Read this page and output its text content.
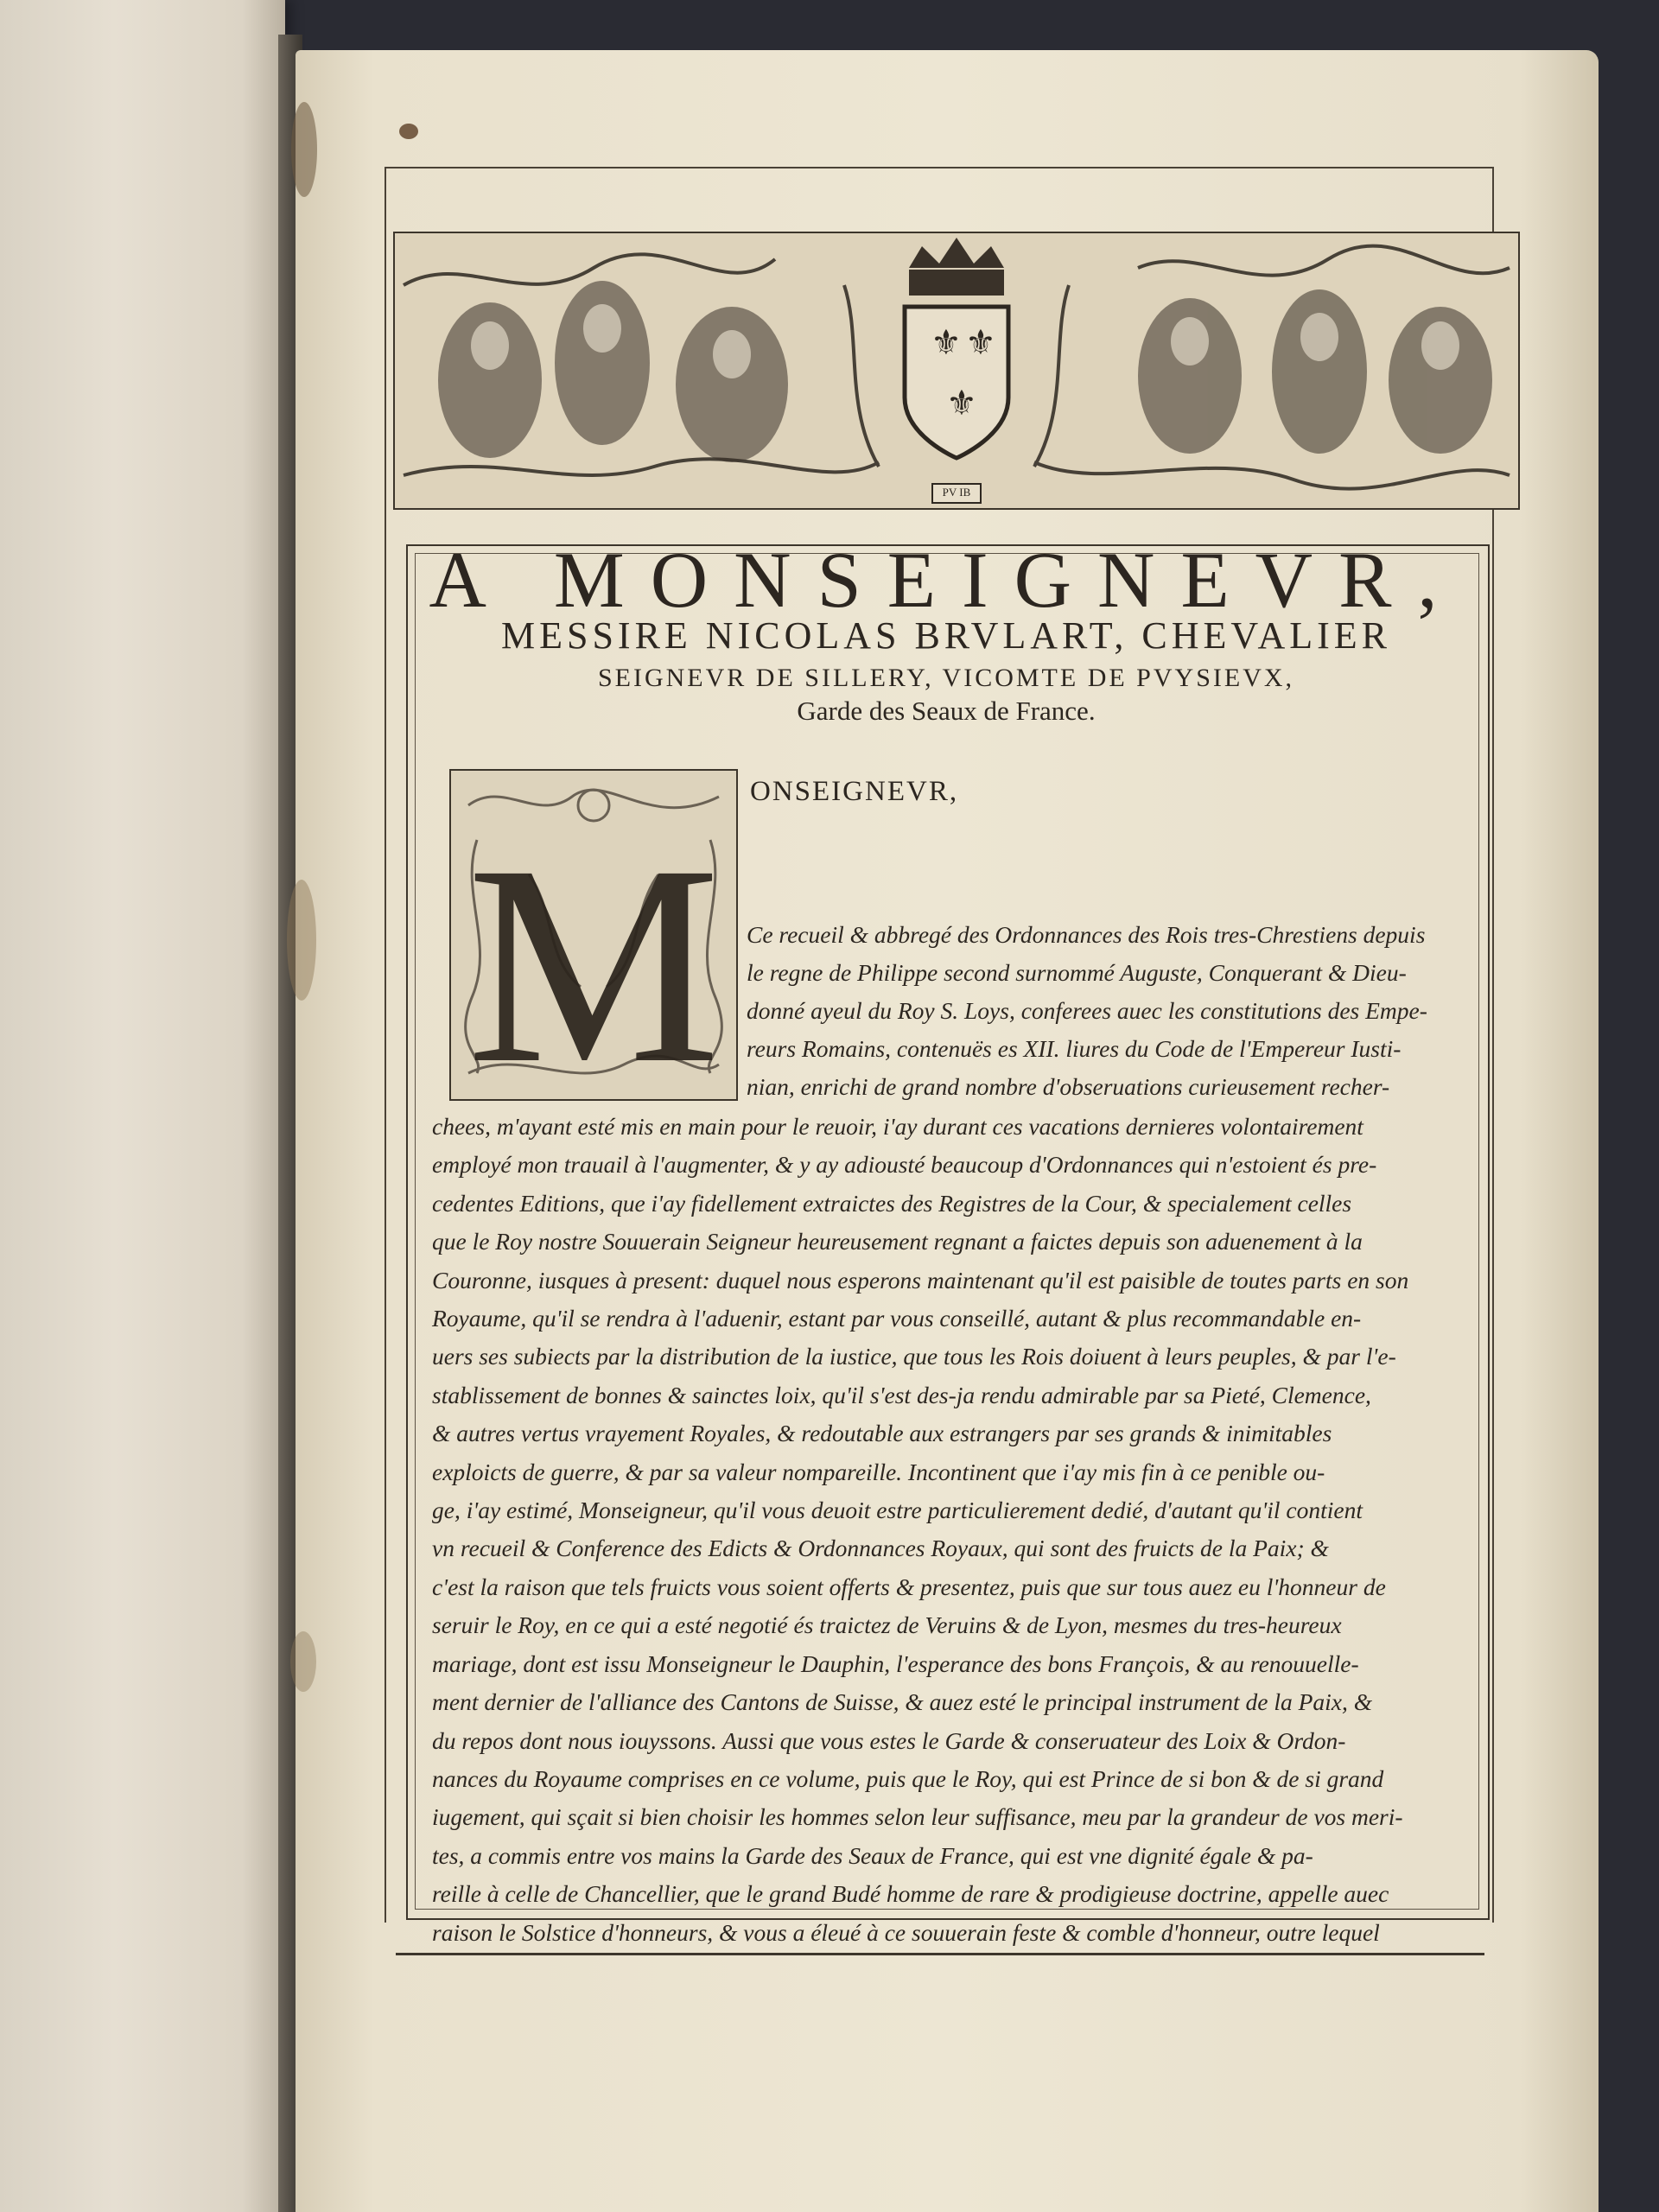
⚜ ⚜
⚜
PV IB
A MONSEIGNEVR,
MESSIRE NICOLAS BRVLART, CHEVALIER
SEIGNEVR DE SILLERY, VICOMTE DE PVYSIEVX,
Garde des Seaux de France.
M
ONSEIGNEVR,
Ce recueil & abbregé des Ordonnances des Rois tres-Chrestiens depuis
le regne de Philippe second surnommé Auguste, Conquerant & Dieu-
donné ayeul du Roy S. Loys, conferees auec les constitutions des Empe-
reurs Romains, contenuës es XII. liures du Code de l'Empereur Iusti-
nian, enrichi de grand nombre d'obseruations curieusement recher-
chees, m'ayant esté mis en main pour le reuoir, i'ay durant ces vacations dernieres volontairement
employé mon trauail à l'augmenter, & y ay adiousté beaucoup d'Ordonnances qui n'estoient és pre-
cedentes Editions, que i'ay fidellement extraictes des Registres de la Cour, & specialement celles
que le Roy nostre Souuerain Seigneur heureusement regnant a faictes depuis son aduenement à la
Couronne, iusques à present: duquel nous esperons maintenant qu'il est paisible de toutes parts en son
Royaume, qu'il se rendra à l'aduenir, estant par vous conseillé, autant & plus recommandable en-
uers ses subiects par la distribution de la iustice, que tous les Rois doiuent à leurs peuples, & par l'e-
stablissement de bonnes & sainctes loix, qu'il s'est des-ja rendu admirable par sa Pieté, Clemence,
& autres vertus vrayement Royales, & redoutable aux estrangers par ses grands & inimitables
exploicts de guerre, & par sa valeur nompareille. Incontinent que i'ay mis fin à ce penible ou-
ge, i'ay estimé, Monseigneur, qu'il vous deuoit estre particulierement dedié, d'autant qu'il contient
vn recueil & Conference des Edicts & Ordonnances Royaux, qui sont des fruicts de la Paix; &
c'est la raison que tels fruicts vous soient offerts & presentez, puis que sur tous auez eu l'honneur de
seruir le Roy, en ce qui a esté negotié és traictez de Veruins & de Lyon, mesmes du tres-heureux
mariage, dont est issu Monseigneur le Dauphin, l'esperance des bons François, & au renouuelle-
ment dernier de l'alliance des Cantons de Suisse, & auez esté le principal instrument de la Paix, &
du repos dont nous iouyssons. Aussi que vous estes le Garde & conseruateur des Loix & Ordon-
nances du Royaume comprises en ce volume, puis que le Roy, qui est Prince de si bon & de si grand
iugement, qui sçait si bien choisir les hommes selon leur suffisance, meu par la grandeur de vos meri-
tes, a commis entre vos mains la Garde des Seaux de France, qui est vne dignité égale & pa-
reille à celle de Chancellier, que le grand Budé homme de rare & prodigieuse doctrine, appelle auec
raison le Solstice d'honneurs, & vous a éleué à ce souuerain feste & comble d'honneur, outre lequel
